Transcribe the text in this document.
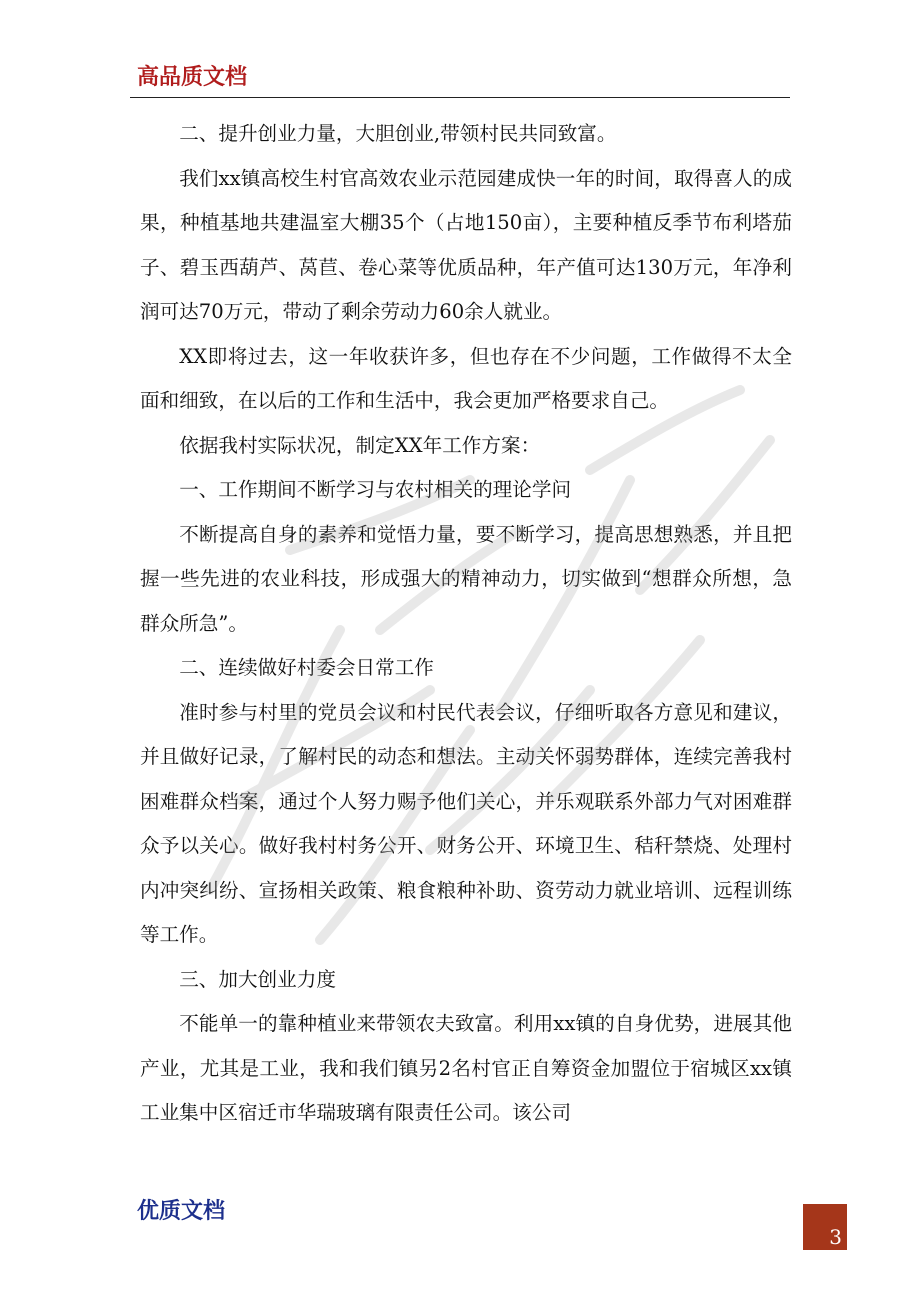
高品质文档

二、提升创业力量，大胆创业,带领村民共同致富。

我们xx镇高校生村官高效农业示范园建成快一年的时间，取得喜人的成果，种植基地共建温室大棚35个（占地150亩），主要种植反季节布利塔茄子、碧玉西葫芦、莴苣、卷心菜等优质品种，年产值可达130万元，年净利润可达70万元，带动了剩余劳动力60余人就业。

XX即将过去，这一年收获许多，但也存在不少问题，工作做得不太全面和细致，在以后的工作和生活中，我会更加严格要求自己。

依据我村实际状况，制定XX年工作方案：

一、工作期间不断学习与农村相关的理论学问

不断提高自身的素养和觉悟力量，要不断学习，提高思想熟悉，并且把握一些先进的农业科技，形成强大的精神动力，切实做到“想群众所想，急群众所急”。

二、连续做好村委会日常工作

准时参与村里的党员会议和村民代表会议，仔细听取各方意见和建议，并且做好记录，了解村民的动态和想法。主动关怀弱势群体，连续完善我村困难群众档案，通过个人努力赐予他们关心，并乐观联系外部力气对困难群众予以关心。做好我村村务公开、财务公开、环境卫生、秸秆禁烧、处理村内冲突纠纷、宣扬相关政策、粮食粮种补助、资劳动力就业培训、远程训练等工作。

三、加大创业力度

不能单一的靠种植业来带领农夫致富。利用xx镇的自身优势，进展其他产业，尤其是工业，我和我们镇另2名村官正自筹资金加盟位于宿城区xx镇工业集中区宿迁市华瑞玻璃有限责任公司。该公司

优质文档
3
